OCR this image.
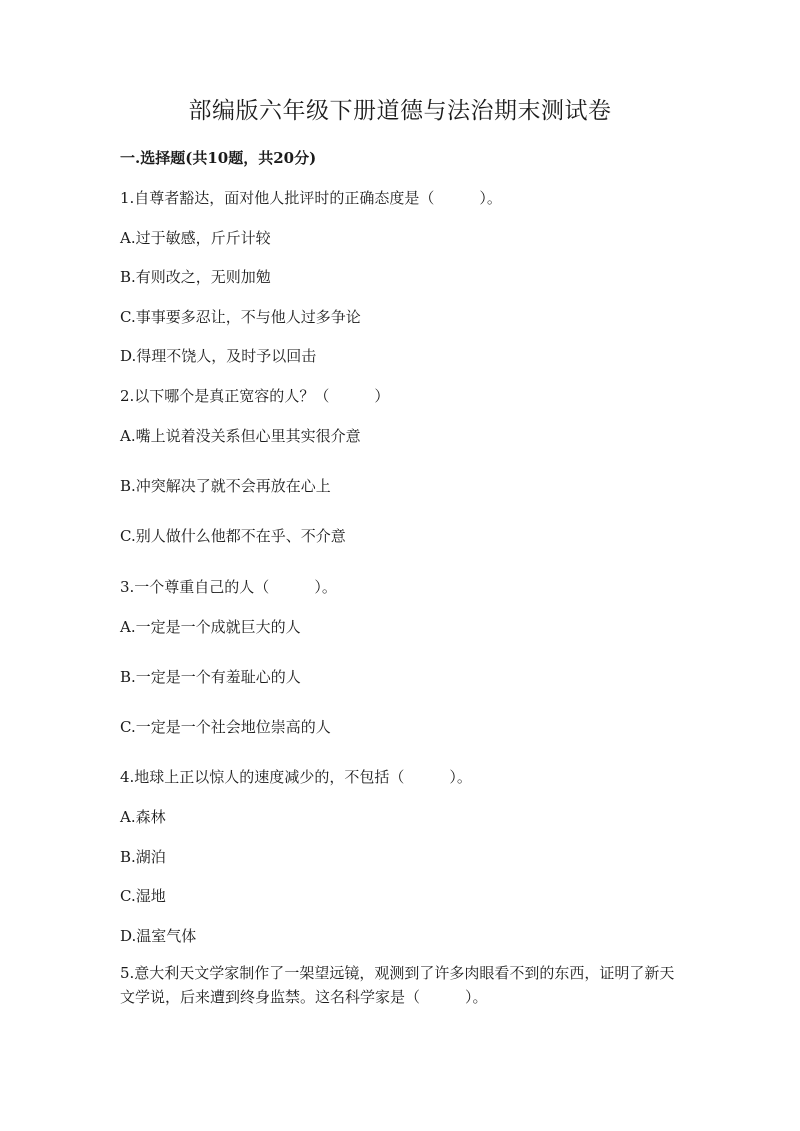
部编版六年级下册道德与法治期末测试卷
一.选择题(共10题，共20分)
1.自尊者豁达，面对他人批评时的正确态度是（　　　）。
A.过于敏感，斤斤计较
B.有则改之，无则加勉
C.事事要多忍让，不与他人过多争论
D.得理不饶人，及时予以回击
2.以下哪个是真正宽容的人？（　　　）
A.嘴上说着没关系但心里其实很介意
B.冲突解决了就不会再放在心上
C.别人做什么他都不在乎、不介意
3.一个尊重自己的人（　　　）。
A.一定是一个成就巨大的人
B.一定是一个有羞耻心的人
C.一定是一个社会地位崇高的人
4.地球上正以惊人的速度减少的，不包括（　　　）。
A.森林
B.湖泊
C.湿地
D.温室气体
5.意大利天文学家制作了一架望远镜，观测到了许多肉眼看不到的东西，证明了新天文学说，后来遭到终身监禁。这名科学家是（　　　）。
